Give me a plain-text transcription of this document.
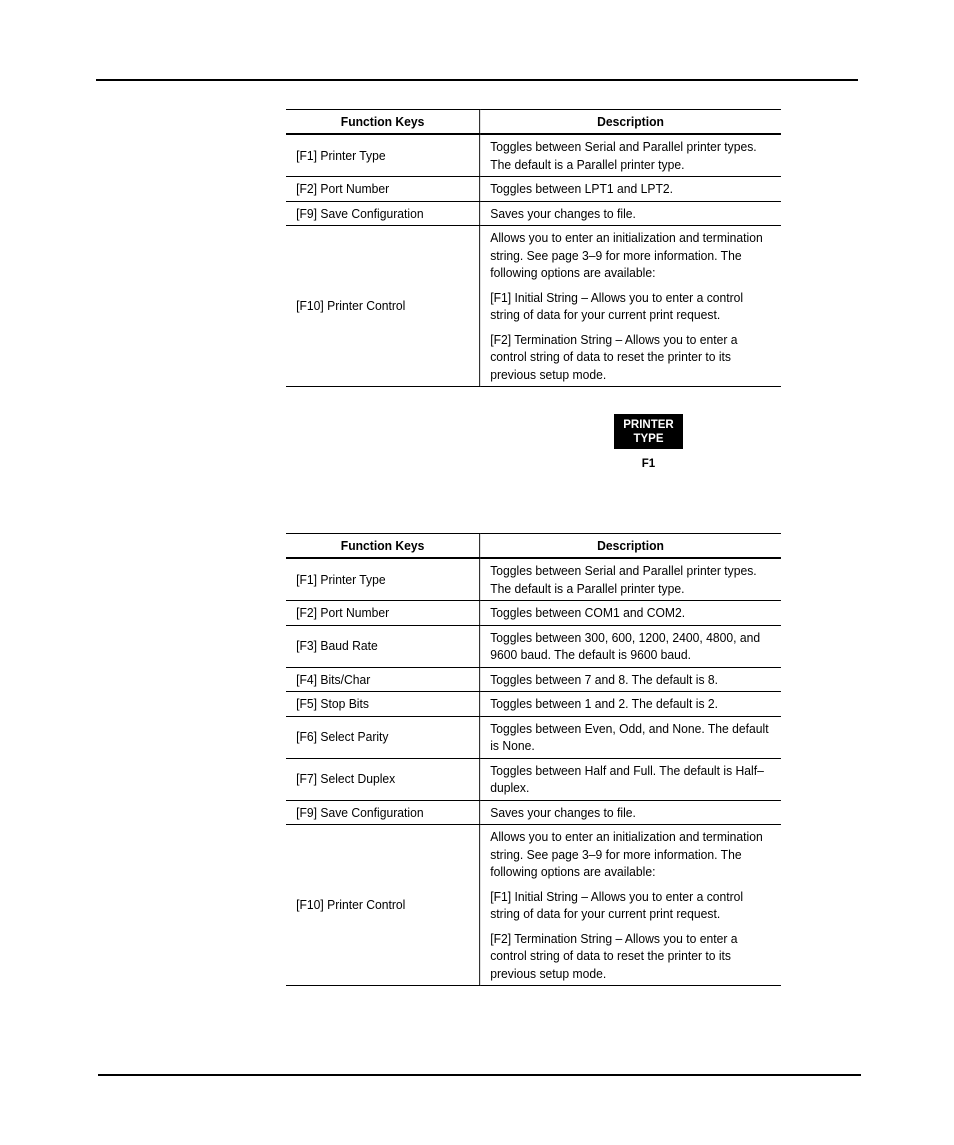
Function Keys	Description
[F1] Printer Type	Toggles between Serial and Parallel printer types. The default is a Parallel printer type.

[F2] Port Number	Toggles between LPT1 and LPT2.

[F9] Save Configuration	Saves your changes to file.

[F10] Printer Control	Allows you to enter an initialization and termination string. See page 3–9 for more information. The following options are available:

[F1] Initial String – Allows you to enter a control string of data for your current print request.

[F2] Termination String – Allows you to enter a control string of data to reset the printer to its previous setup mode.

PRINTER
TYPE
F1
Function Keys	Description
[F1] Printer Type	Toggles between Serial and Parallel printer types. The default is a Parallel printer type.

[F2] Port Number	Toggles between COM1 and COM2.

[F3] Baud Rate	Toggles between 300, 600, 1200, 2400, 4800, and 9600 baud. The default is 9600 baud.

[F4] Bits/Char	Toggles between 7 and 8. The default is 8.

[F5] Stop Bits	Toggles between 1 and 2. The default is 2.

[F6] Select Parity	Toggles between Even, Odd, and None. The default is None.

[F7] Select Duplex	Toggles between Half and Full. The default is Half–duplex.

[F9] Save Configuration	Saves your changes to file.

[F10] Printer Control	Allows you to enter an initialization and termination string. See page 3–9 for more information. The following options are available:

[F1] Initial String – Allows you to enter a control string of data for your current print request.

[F2] Termination String – Allows you to enter a control string of data to reset the printer to its previous setup mode.
